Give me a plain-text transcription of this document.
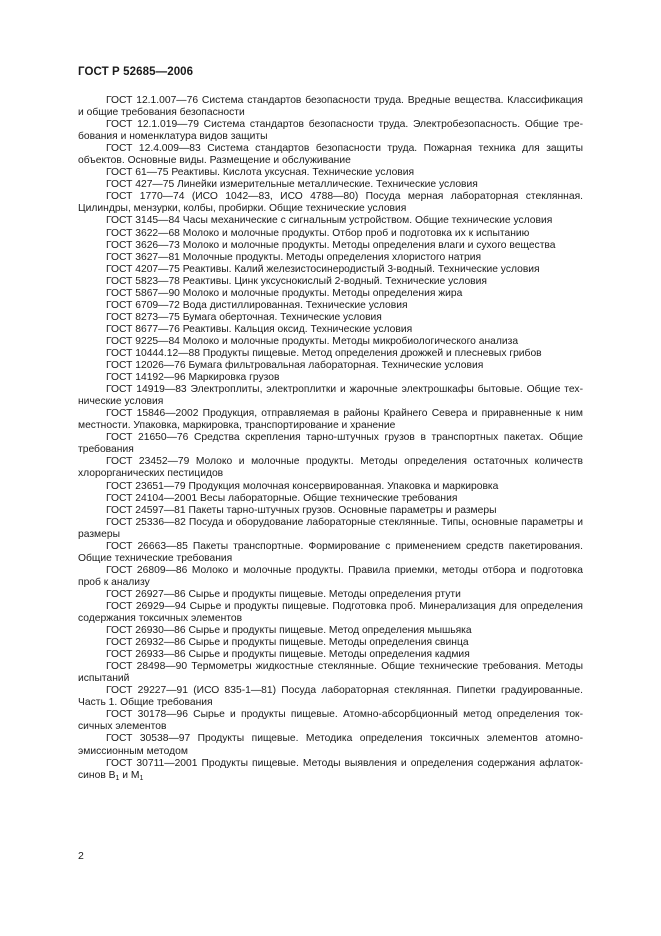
ГОСТ Р 52685—2006

ГОСТ 12.1.007—76 Система стандартов безопасности труда. Вредные вещества. Классификация и общие требования безопасности

ГОСТ 12.1.019—79 Система стандартов безопасности труда. Электробезопасность. Общие требования и номенклатура видов защиты

ГОСТ 12.4.009—83 Система стандартов безопасности труда. Пожарная техника для защиты объектов. Основные виды. Размещение и обслуживание

ГОСТ 61—75 Реактивы. Кислота уксусная. Технические условия

ГОСТ 427—75 Линейки измерительные металлические. Технические условия

ГОСТ 1770—74 (ИСО 1042—83, ИСО 4788—80) Посуда мерная лабораторная стеклянная. Цилиндры, мензурки, колбы, пробирки. Общие технические условия

ГОСТ 3145—84 Часы механические с сигнальным устройством. Общие технические условия

ГОСТ 3622—68 Молоко и молочные продукты. Отбор проб и подготовка их к испытанию

ГОСТ 3626—73 Молоко и молочные продукты. Методы определения влаги и сухого вещества

ГОСТ 3627—81 Молочные продукты. Методы определения хлористого натрия

ГОСТ 4207—75 Реактивы. Калий железистосинеродистый 3-водный. Технические условия

ГОСТ 5823—78 Реактивы. Цинк уксуснокислый 2-водный. Технические условия

ГОСТ 5867—90 Молоко и молочные продукты. Методы определения жира

ГОСТ 6709—72 Вода дистиллированная. Технические условия

ГОСТ 8273—75 Бумага оберточная. Технические условия

ГОСТ 8677—76 Реактивы. Кальция оксид. Технические условия

ГОСТ 9225—84 Молоко и молочные продукты. Методы микробиологического анализа

ГОСТ 10444.12—88 Продукты пищевые. Метод определения дрожжей и плесневых грибов

ГОСТ 12026—76 Бумага фильтровальная лабораторная. Технические условия

ГОСТ 14192—96 Маркировка грузов

ГОСТ 14919—83 Электроплиты, электроплитки и жарочные электрошкафы бытовые. Общие технические условия

ГОСТ 15846—2002 Продукция, отправляемая в районы Крайнего Севера и приравненные к ним местности. Упаковка, маркировка, транспортирование и хранение

ГОСТ 21650—76 Средства скрепления тарно-штучных грузов в транспортных пакетах. Общие требования

ГОСТ 23452—79 Молоко и молочные продукты. Методы определения остаточных количеств хлорорганических пестицидов

ГОСТ 23651—79 Продукция молочная консервированная. Упаковка и маркировка

ГОСТ 24104—2001 Весы лабораторные. Общие технические требования

ГОСТ 24597—81 Пакеты тарно-штучных грузов. Основные параметры и размеры

ГОСТ 25336—82 Посуда и оборудование лабораторные стеклянные. Типы, основные параметры и размеры

ГОСТ 26663—85 Пакеты транспортные. Формирование с применением средств пакетирования. Общие технические требования

ГОСТ 26809—86 Молоко и молочные продукты. Правила приемки, методы отбора и подготовка проб к анализу

ГОСТ 26927—86 Сырье и продукты пищевые. Методы определения ртути

ГОСТ 26929—94 Сырье и продукты пищевые. Подготовка проб. Минерализация для определения содержания токсичных элементов

ГОСТ 26930—86 Сырье и продукты пищевые. Метод определения мышьяка

ГОСТ 26932—86 Сырье и продукты пищевые. Методы определения свинца

ГОСТ 26933—86 Сырье и продукты пищевые. Методы определения кадмия

ГОСТ 28498—90 Термометры жидкостные стеклянные. Общие технические требования. Методы испытаний

ГОСТ 29227—91 (ИСО 835-1—81) Посуда лабораторная стеклянная. Пипетки градуированные. Часть 1. Общие требования

ГОСТ 30178—96 Сырье и продукты пищевые. Атомно-абсорбционный метод определения токсичных элементов

ГОСТ 30538—97 Продукты пищевые. Методика определения токсичных элементов атомно-эмиссионным методом

ГОСТ 30711—2001 Продукты пищевые. Методы выявления и определения содержания афлатоксинов $B_1$ и $M_1$

2
